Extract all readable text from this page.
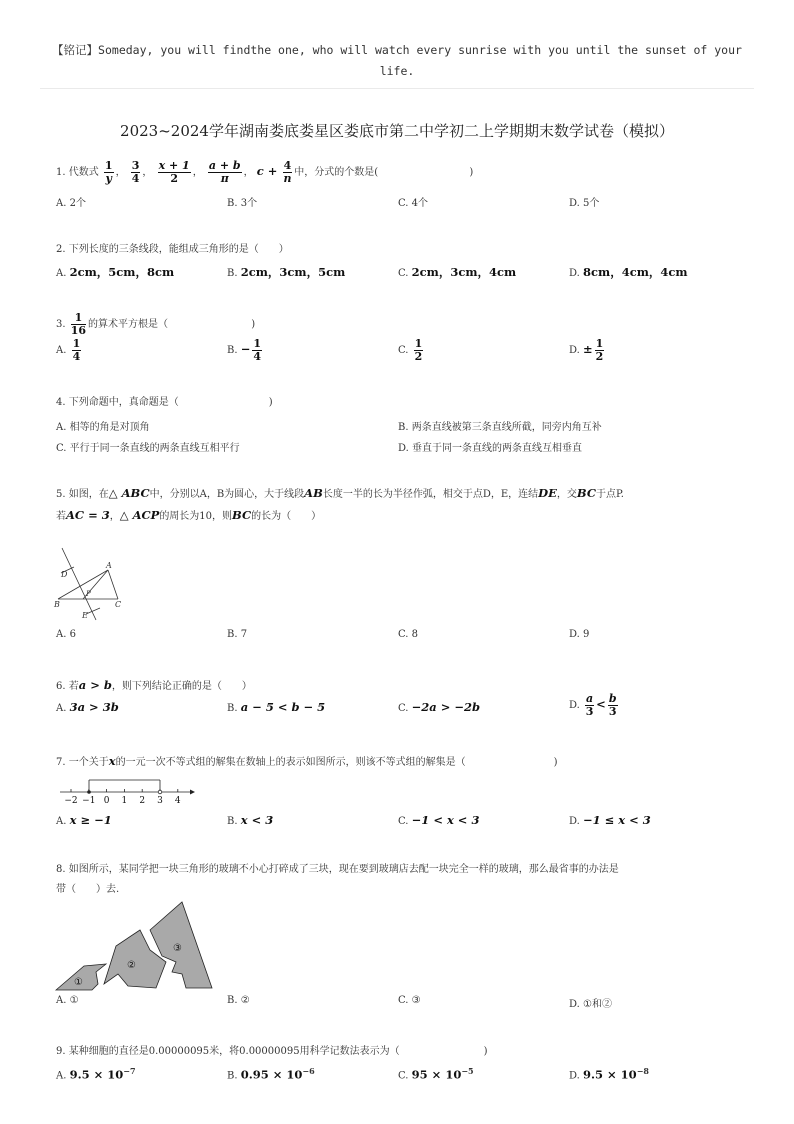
【铭记】Someday, you will findthe one, who will watch every sunrise with you until the sunset of your
life.
2023~2024学年湖南娄底娄星区娄底市第二中学初二上学期期末数学试卷（模拟）
1. 代数式 $\frac{1}{y}$ ， $\frac{3}{4}$ ， $\frac{x + 1}{2}$ ， $\frac{a + b}{\pi}$ ， $c + \frac{4}{n}$ 中，分式的个数是(	)
A. 2个	B. 3个	C. 4个	D. 5个
2. 下列长度的三条线段，能组成三角形的是（　　）
A. 2cm，5cm，8cm	B. 2cm，3cm，5cm	C. 2cm，3cm，4cm	D. 8cm，4cm，4cm
3. $\frac{1}{16}$ 的算术平方根是（	)
A. $\frac{1}{4}$	B. − $\frac{1}{4}$	C. $\frac{1}{2}$	D. ± $\frac{1}{2}$
4. 下列命题中，真命题是（	)
A. 相等的角是对顶角	B. 两条直线被第三条直线所截，同旁内角互补
C. 平行于同一条直线的两条直线互相平行	D. 垂直于同一条直线的两条直线互相垂直
5. 如图，在△ ABC中，分别以A，B为圆心，大于线段AB长度一半的长为半径作弧，相交于点D，E，连结DE，交BC于点P.
若AC = 3，△ ACP的周长为10，则BC的长为（　　）
D
A
P
B	C
E
A. 6	B. 7	C. 8	D. 9
6. 若a > b，则下列结论正确的是（　　）
A. 3a > 3b	B. a − 5 < b − 5	C. −2a > −2b	D. $\frac{a}{3} < \frac{b}{3}$
7. 一个关于x的一元一次不等式组的解集在数轴上的表示如图所示，则该不等式组的解集是（	)
−2 −1 0 1 2 3 4
A. x ≥ −1	B. x < 3	C. −1 < x < 3	D. −1 ≤ x < 3
8. 如图所示，某同学把一块三角形的玻璃不小心打碎成了三块，现在要到玻璃店去配一块完全一样的玻璃，那么最省事的办法是
带（　　）去.
①
②
③
A. ①	B. ②	C. ③	D. ①和②
9. 某种细胞的直径是0.00000095米，将0.00000095用科学记数法表示为（	)
A. $9.5 \times 10^{-7}$	B. $0.95 \times 10^{-6}$	C. $95 \times 10^{-5}$	D. $9.5 \times 10^{-8}$
